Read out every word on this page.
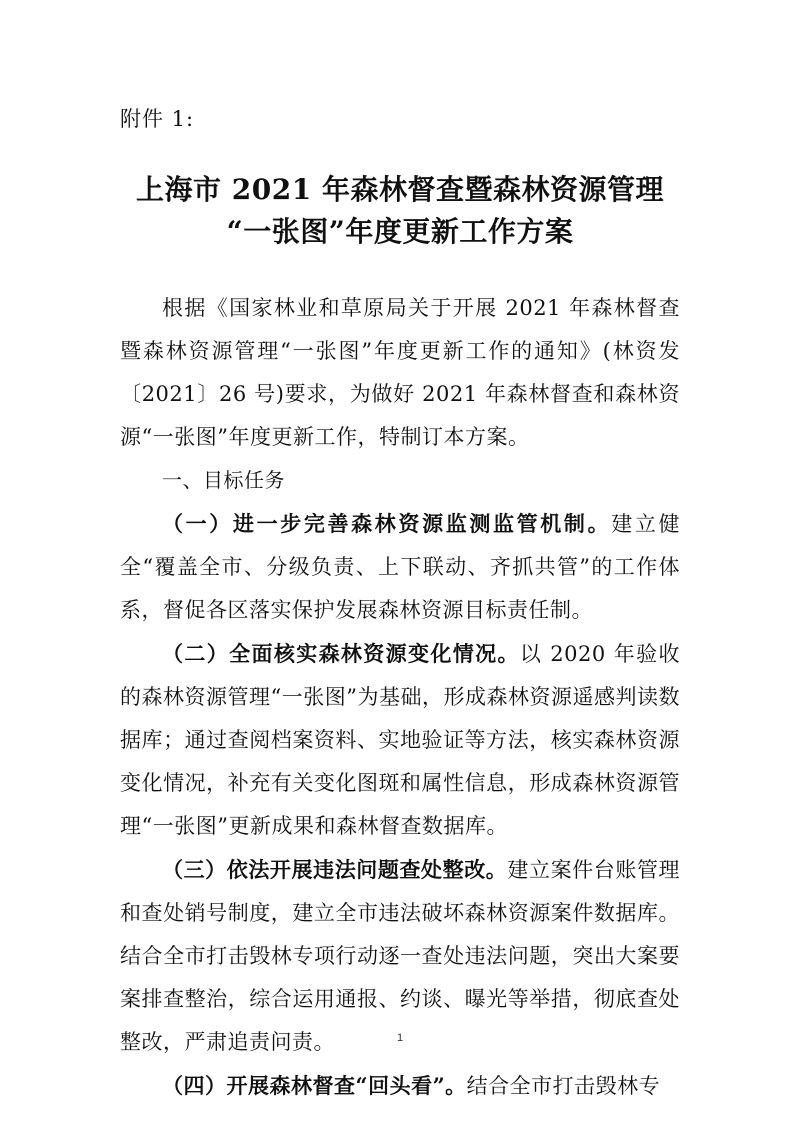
附件 1:
上海市 2021 年森林督查暨森林资源管理
“一张图”年度更新工作方案

根据《国家林业和草原局关于开展 2021 年森林督查暨森林资源管理“一张图”年度更新工作的通知》(林资发〔2021〕26 号)要求，为做好 2021 年森林督查和森林资源“一张图”年度更新工作，特制订本方案。

一、目标任务

（一）进一步完善森林资源监测监管机制。建立健全“覆盖全市、分级负责、上下联动、齐抓共管”的工作体系，督促各区落实保护发展森林资源目标责任制。

（二）全面核实森林资源变化情况。以 2020 年验收的森林资源管理“一张图”为基础，形成森林资源遥感判读数据库；通过查阅档案资料、实地验证等方法，核实森林资源变化情况，补充有关变化图斑和属性信息，形成森林资源管理“一张图”更新成果和森林督查数据库。

（三）依法开展违法问题查处整改。建立案件台账管理和查处销号制度，建立全市违法破坏森林资源案件数据库。结合全市打击毁林专项行动逐一查处违法问题，突出大案要案排查整治，综合运用通报、约谈、曝光等举措，彻底查处整改，严肃追责问责。

（四）开展森林督查“回头看”。结合全市打击毁林专

1
